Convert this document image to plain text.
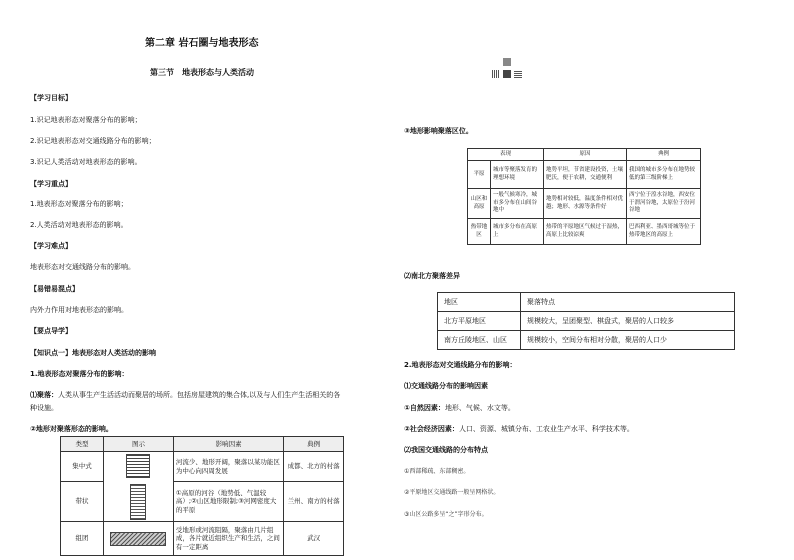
第二章 岩石圈与地表形态
第三节　地表形态与人类活动
【学习目标】
1.识记地表形态对聚落分布的影响；
2.识记地表形态对交通线路分布的影响；
3.识记人类活动对地表形态的影响。
【学习重点】
1.地表形态对聚落分布的影响；
2.人类活动对地表形态的影响。
【学习难点】
地表形态对交通线路分布的影响。
【易错易混点】
内外力作用对地表形态的影响。
【要点导学】
【知识点一】地表形态对人类活动的影响
1.地表形态对聚落分布的影响：
⑴聚落：人类从事生产生活活动而聚居的场所。包括房屋建筑的集合体,以及与人们生产生活相关的各
种设施。
②地形对聚落形态的影响。
类型	图示	影响因素	典例
集中式		河流少、地形开阔，聚落以某功能区为中心向四周发展	成都、北方的村落
带状		①高原的河谷（地势低、气温较高）;②山区地形限制;③河网密度大的平原	兰州、南方的村落
组团		受地形或河流阻隔，聚落由几片组成，各片就近组织生产和生活，之间有一定距离	武汉
③地形影响聚落区位。
表现		原因	典例
平原	城市等聚落发育的理想环境	地势平坦，节省建设投资，土壤肥沃，便于农耕，交通便利	我国的城市多分布在地势较低的第三级阶梯上
山区和高原	一般气候寒冷，城市多分布在山间谷地中	地势相对较低，温度条件相对优越；地形、水源等条件好	西宁位于湟水谷地，西安位于渭河谷地，太原位于汾河谷地
热带地区	城市多分布在高原上	热带的平原地区气候过于湿热，高原上比较凉爽	巴西利亚、墨西哥城等位于热带地区的高原上
⑵南北方聚落差异
地区	聚落特点
北方平原地区	规模较大，呈团聚型、棋盘式，聚居的人口较多
南方丘陵地区、山区	规模较小，空间分布相对分散，聚居的人口少
2.地表形态对交通线路分布的影响：
⑴交通线路分布的影响因素
①自然因素：地形、气候、水文等。
②社会经济因素：人口、资源、城镇分布、工农业生产水平、科学技术等。
⑵我国交通线路的分布特点
①西部稀疏、东部稠密。
②平原地区交通线路一般呈网格状。
③山区公路多呈“之”字形分布。
